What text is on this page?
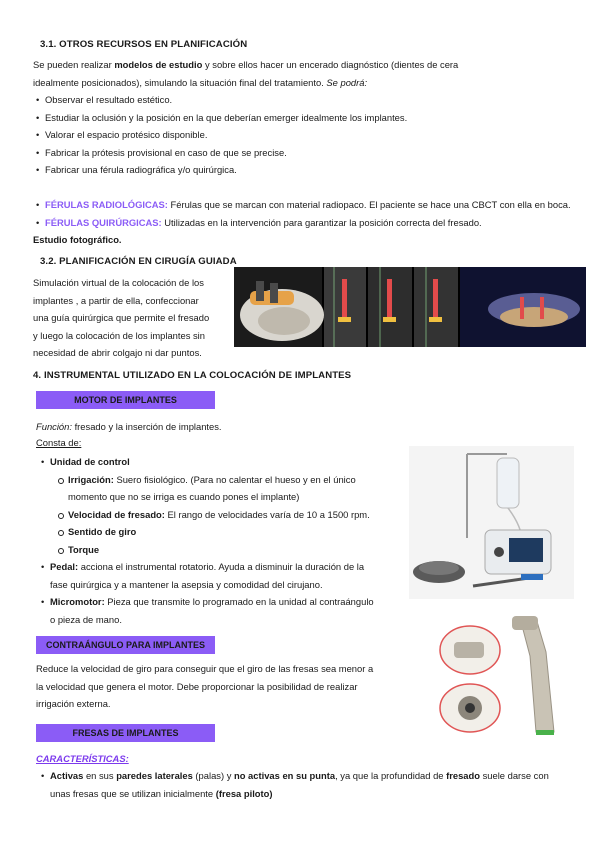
3.1. OTROS RECURSOS EN PLANIFICACIÓN
Se pueden realizar modelos de estudio y sobre ellos hacer un encerado diagnóstico (dientes de cera
idealmente posicionados), simulando la situación final del tratamiento. Se podrá:
• Observar el resultado estético.
• Estudiar la oclusión y la posición en la que deberían emerger idealmente los implantes.
• Valorar el espacio protésico disponible.
• Fabricar la prótesis provisional en caso de que se precise.
• Fabricar una férula radiográfica y/o quirúrgica.
• FÉRULAS RADIOLÓGICAS: Férulas que se marcan con material radiopaco. El paciente se hace una CBCT con ella en boca.
• FÉRULAS QUIRÚRGICAS: Utilizadas en la intervención para garantizar la posición correcta del fresado.
Estudio fotográfico.
3.2. PLANIFICACIÓN EN CIRUGÍA GUIADA
Simulación virtual de la colocación de los
implantes , a partir de ella, confeccionar
una guía quirúrgica que permite el fresado
y luego la colocación de los implantes sin
necesidad de abrir colgajo ni dar puntos.
4. INSTRUMENTAL UTILIZADO EN LA COLOCACIÓN DE IMPLANTES
MOTOR DE IMPLANTES
Función: fresado y la inserción de implantes.
Consta de:
• Unidad de control
Irrigación: Suero fisiológico. (Para no calentar el hueso y en el único
momento que no se irriga es cuando pones el implante)
Velocidad de fresado: El rango de velocidades varía de 10 a 1500 rpm.
Sentido de giro
Torque
• Pedal: acciona el instrumental rotatorio. Ayuda a disminuir la duración de la
fase quirúrgica y a mantener la asepsia y comodidad del cirujano.
• Micromotor: Pieza que transmite lo programado en la unidad al contraángulo
o pieza de mano.
CONTRAÁNGULO PARA IMPLANTES
Reduce la velocidad de giro para conseguir que el giro de las fresas sea menor a
la velocidad que genera el motor. Debe proporcionar la posibilidad de realizar
irrigación externa.
FRESAS DE IMPLANTES
CARACTERÍSTICAS:
• Activas en sus paredes laterales (palas) y no activas en su punta, ya que la profundidad de fresado suele darse con
unas fresas que se utilizan inicialmente (fresa piloto)
